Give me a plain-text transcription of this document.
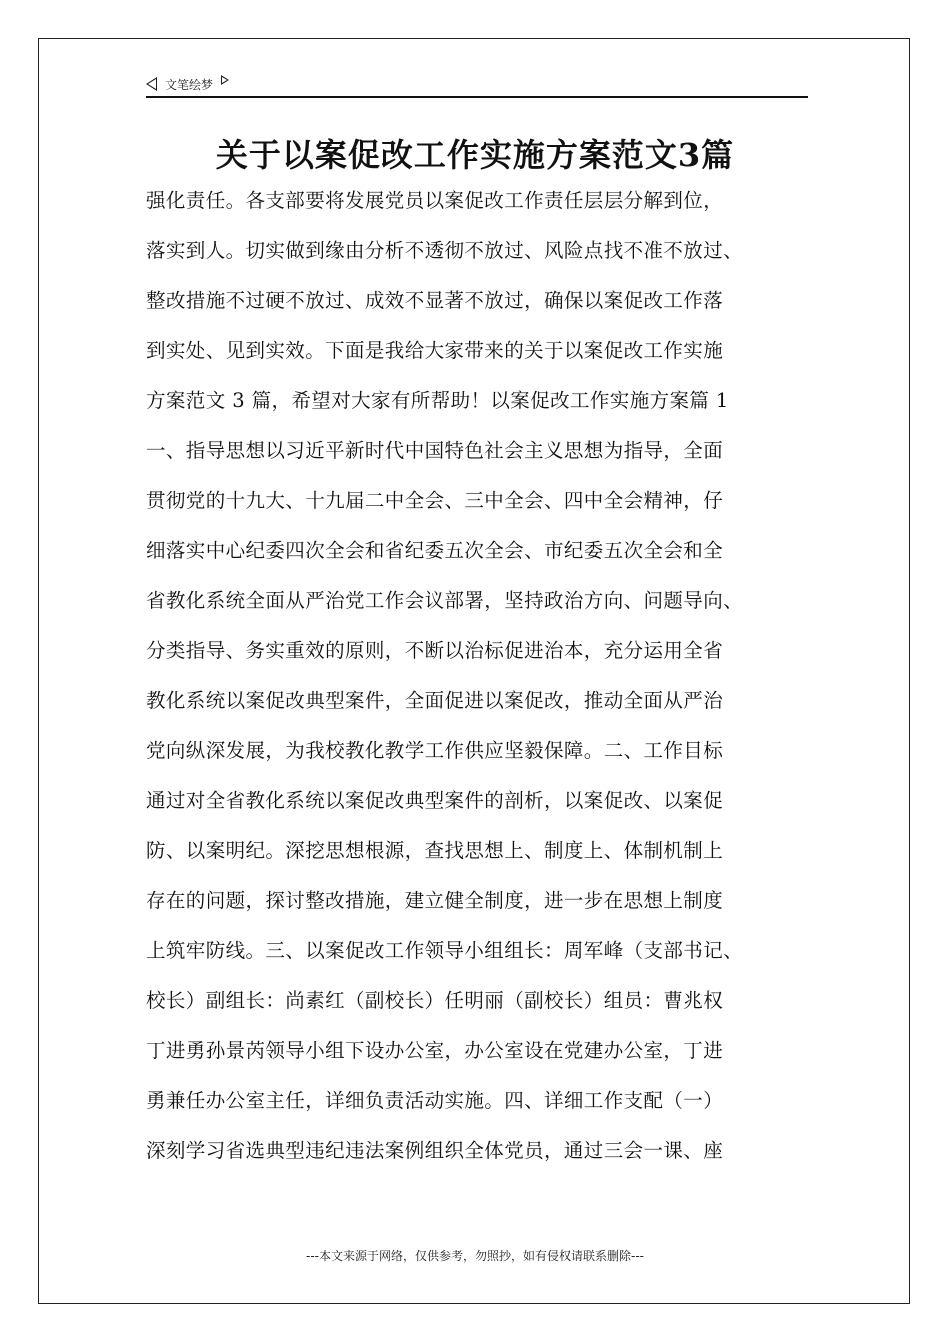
文笔绘梦
关于以案促改工作实施方案范文3篇
强化责任。各支部要将发展党员以案促改工作责任层层分解到位，
落实到人。切实做到缘由分析不透彻不放过、风险点找不准不放过、
整改措施不过硬不放过、成效不显著不放过，确保以案促改工作落
到实处、见到实效。下面是我给大家带来的关于以案促改工作实施
方案范文 3 篇，希望对大家有所帮助！以案促改工作实施方案篇 1
一、指导思想以习近平新时代中国特色社会主义思想为指导，全面
贯彻党的十九大、十九届二中全会、三中全会、四中全会精神，仔
细落实中心纪委四次全会和省纪委五次全会、市纪委五次全会和全
省教化系统全面从严治党工作会议部署，坚持政治方向、问题导向、
分类指导、务实重效的原则，不断以治标促进治本，充分运用全省
教化系统以案促改典型案件，全面促进以案促改，推动全面从严治
党向纵深发展，为我校教化教学工作供应坚毅保障。二、工作目标
通过对全省教化系统以案促改典型案件的剖析，以案促改、以案促
防、以案明纪。深挖思想根源，查找思想上、制度上、体制机制上
存在的问题，探讨整改措施，建立健全制度，进一步在思想上制度
上筑牢防线。三、以案促改工作领导小组组长：周军峰（支部书记、
校长）副组长：尚素红（副校长）任明丽（副校长）组员：曹兆权
丁进勇孙景芮领导小组下设办公室，办公室设在党建办公室，丁进
勇兼任办公室主任，详细负责活动实施。四、详细工作支配（一）
深刻学习省选典型违纪违法案例组织全体党员，通过三会一课、座
---本文来源于网络，仅供参考，勿照抄，如有侵权请联系删除---
